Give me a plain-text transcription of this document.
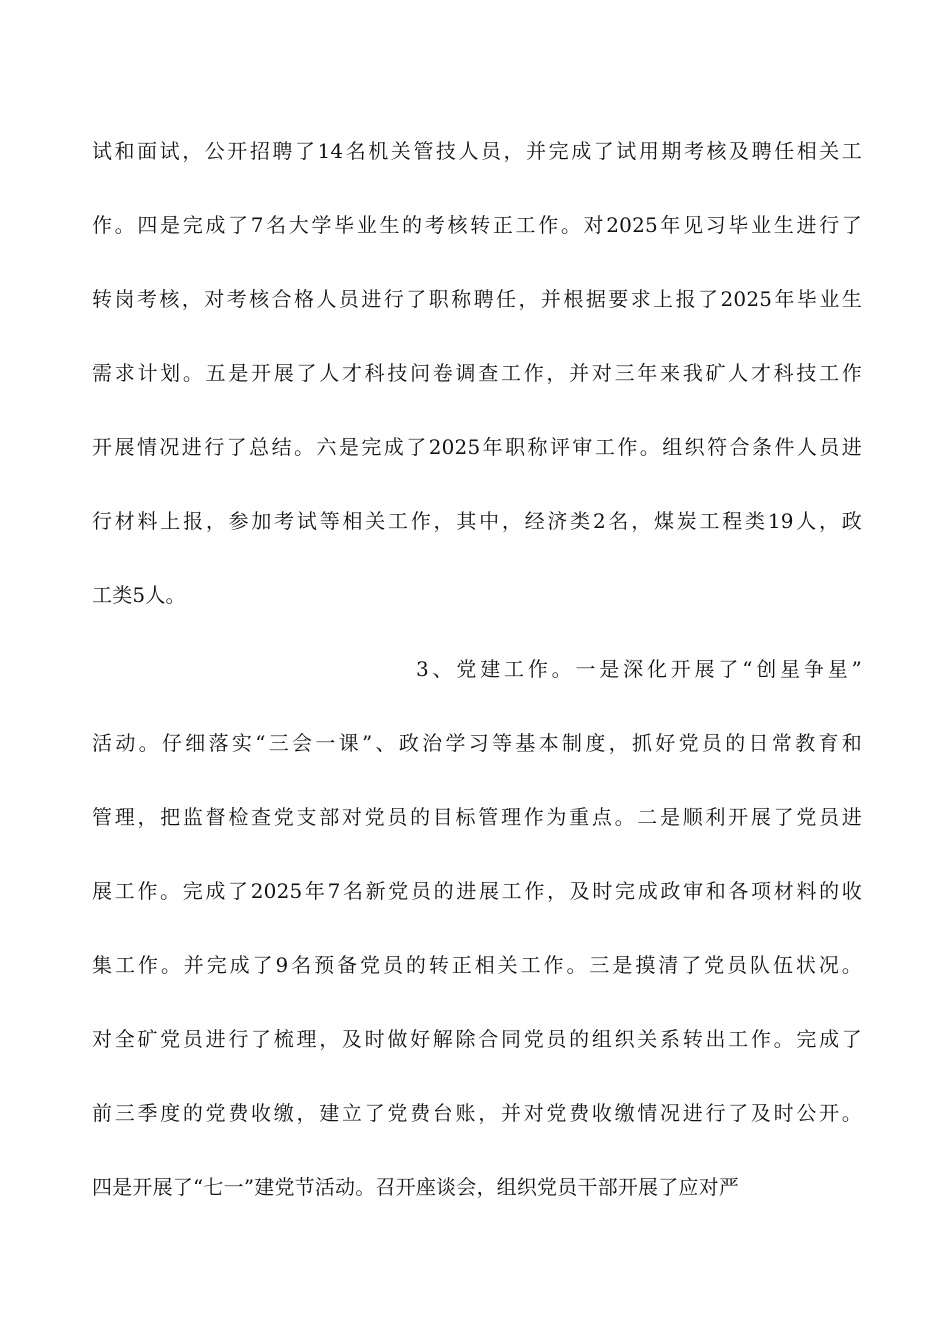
试和面试，公开招聘了14名机关管技人员，并完成了试用期考核及聘任相关工
作。四是完成了7名大学毕业生的考核转正工作。对2025年见习毕业生进行了
转岗考核，对考核合格人员进行了职称聘任，并根据要求上报了2025年毕业生
需求计划。五是开展了人才科技问卷调查工作，并对三年来我矿人才科技工作
开展情况进行了总结。六是完成了2025年职称评审工作。组织符合条件人员进
行材料上报，参加考试等相关工作，其中，经济类2名，煤炭工程类19人，政
工类5人。
3、党建工作。一是深化开展了“创星争星”
活动。仔细落实“三会一课”、政治学习等基本制度，抓好党员的日常教育和
管理，把监督检查党支部对党员的目标管理作为重点。二是顺利开展了党员进
展工作。完成了2025年7名新党员的进展工作，及时完成政审和各项材料的收
集工作。并完成了9名预备党员的转正相关工作。三是摸清了党员队伍状况。
对全矿党员进行了梳理，及时做好解除合同党员的组织关系转出工作。完成了
前三季度的党费收缴，建立了党费台账，并对党费收缴情况进行了及时公开。
四是开展了“七一”建党节活动。召开座谈会，组织党员干部开展了应对严
